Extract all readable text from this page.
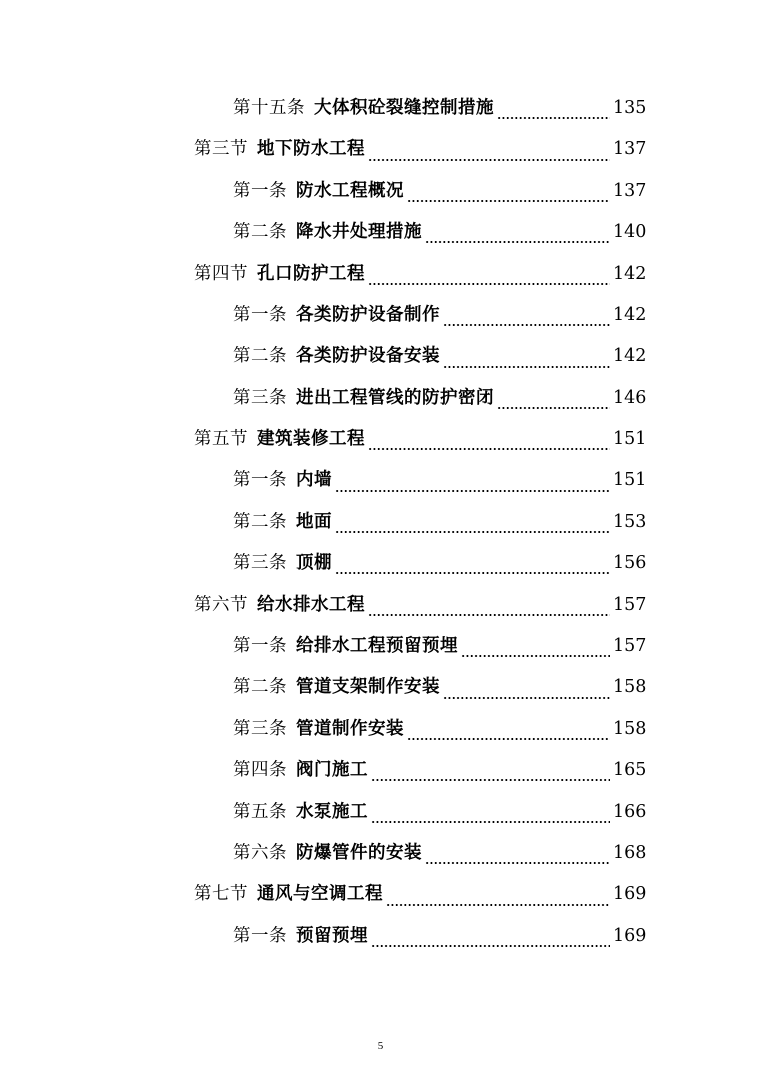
第十五条 大体积砼裂缝控制措施	135
第三节 地下防水工程	137
第一条 防水工程概况	137
第二条 降水井处理措施	140
第四节 孔口防护工程	142
第一条 各类防护设备制作	142
第二条 各类防护设备安装	142
第三条 进出工程管线的防护密闭	146
第五节 建筑装修工程	151
第一条 内墙	151
第二条 地面	153
第三条 顶棚	156
第六节 给水排水工程	157
第一条 给排水工程预留预埋	157
第二条 管道支架制作安装	158
第三条 管道制作安装	158
第四条 阀门施工	165
第五条 水泵施工	166
第六条 防爆管件的安装	168
第七节 通风与空调工程	169
第一条 预留预埋	169
5
